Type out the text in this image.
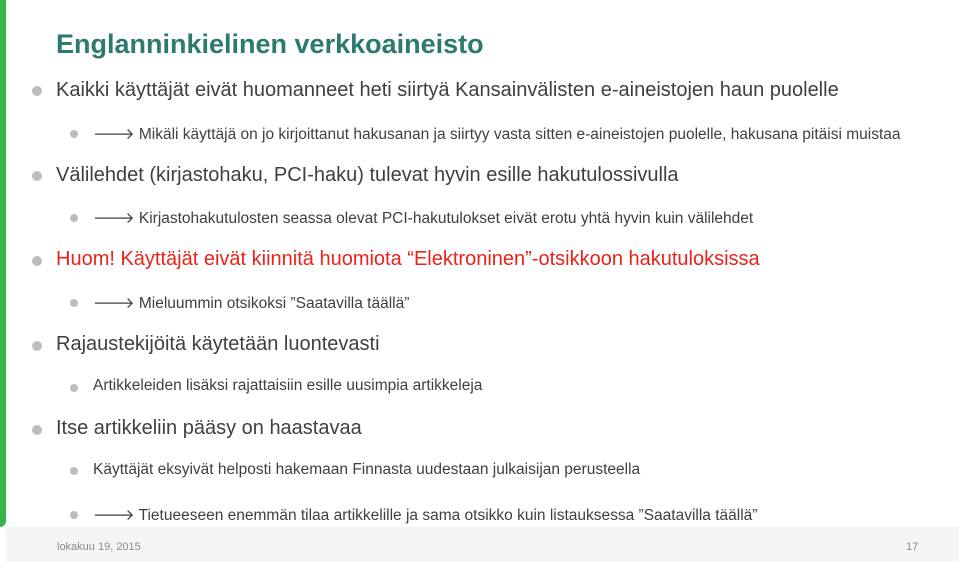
Englanninkielinen verkkoaineisto
Kaikki käyttäjät eivät huomanneet heti siirtyä Kansainvälisten e-aineistojen haun puolelle
🡒 Mikäli käyttäjä on jo kirjoittanut hakusanan ja siirtyy vasta sitten e-aineistojen puolelle, hakusana pitäisi muistaa
Välilehdet (kirjastohaku, PCI-haku) tulevat hyvin esille hakutulossivulla
🡒 Kirjastohakutulosten seassa olevat PCI-hakutulokset eivät erotu yhtä hyvin kuin välilehdet
Huom! Käyttäjät eivät kiinnitä huomiota “Elektroninen”-otsikkoon hakutuloksissa
🡒 Mieluummin otsikoksi ”Saatavilla täällä”
Rajaustekijöitä käytetään luontevasti
Artikkeleiden lisäksi rajattaisiin esille uusimpia artikkeleja
Itse artikkeliin pääsy on haastavaa
Käyttäjät eksyivät helposti hakemaan Finnasta uudestaan julkaisijan perusteella
🡒 Tietueeseen enemmän tilaa artikkelille ja sama otsikko kuin listauksessa ”Saatavilla täällä”
lokakuu 19, 2015	17
